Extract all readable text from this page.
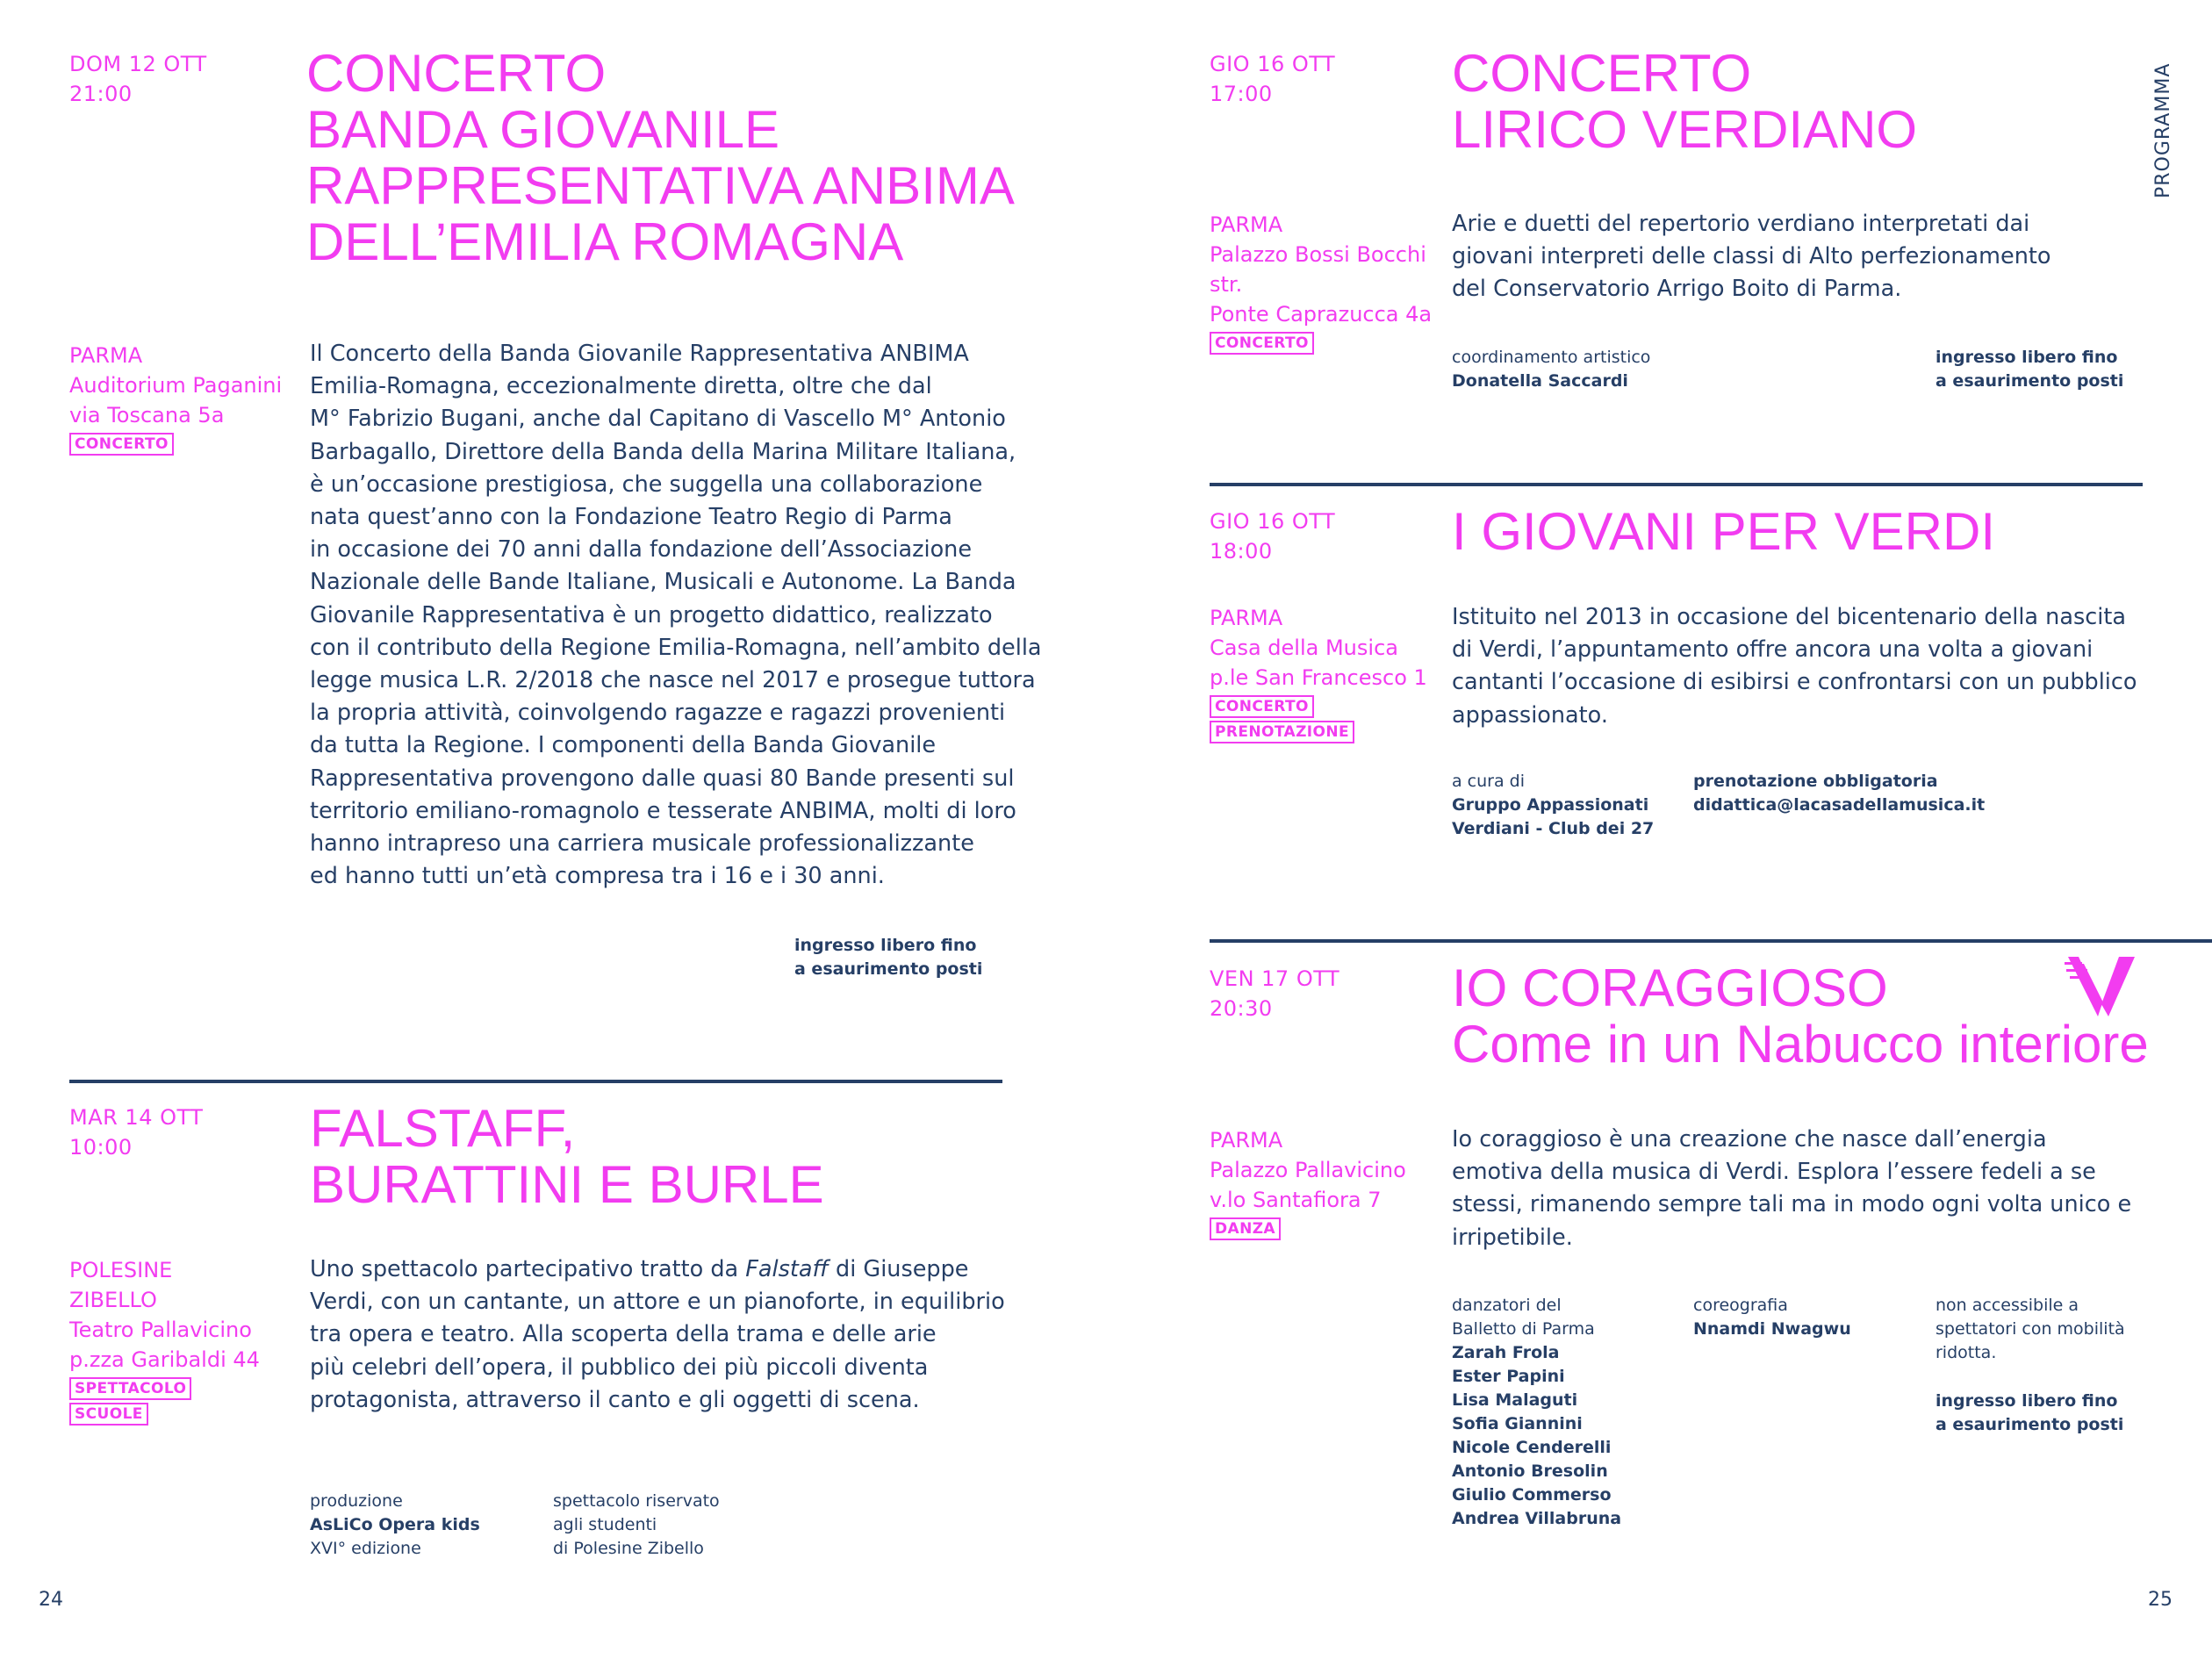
DOM 12 OTT
21:00	CONCERTO
BANDA GIOVANILE
RAPPRESENTATIVA ANBIMA
DELL’EMILIA ROMAGNA
PARMA
Auditorium Paganini
via Toscana 5a
CONCERTO
Il Concerto della Banda Giovanile Rappresentativa ANBIMA
Emilia-Romagna, eccezionalmente diretta, oltre che dal
M° Fabrizio Bugani, anche dal Capitano di Vascello M° Antonio
Barbagallo, Direttore della Banda della Marina Militare Italiana,
è un’occasione prestigiosa, che suggella una collaborazione
nata quest’anno con la Fondazione Teatro Regio di Parma
in occasione dei 70 anni dalla fondazione dell’Associazione
Nazionale delle Bande Italiane, Musicali e Autonome. La Banda
Giovanile Rappresentativa è un progetto didattico, realizzato
con il contributo della Regione Emilia-Romagna, nell’ambito della
legge musica L.R. 2/2018 che nasce nel 2017 e prosegue tuttora
la propria attività, coinvolgendo ragazze e ragazzi provenienti
da tutta la Regione. I componenti della Banda Giovanile
Rappresentativa provengono dalle quasi 80 Bande presenti sul
territorio emiliano-romagnolo e tesserate ANBIMA, molti di loro
hanno intrapreso una carriera musicale professionalizzante
ed hanno tutti un’età compresa tra i 16 e i 30 anni.
ingresso libero fino
a esaurimento posti
MAR 14 OTT
10:00	FALSTAFF,
BURATTINI E BURLE
POLESINE
ZIBELLO
Teatro Pallavicino
p.zza Garibaldi 44
SPETTACOLO
SCUOLE
Uno spettacolo partecipativo tratto da Falstaff di Giuseppe
Verdi, con un cantante, un attore e un pianoforte, in equilibrio
tra opera e teatro. Alla scoperta della trama e delle arie
più celebri dell’opera, il pubblico dei più piccoli diventa
protagonista, attraverso il canto e gli oggetti di scena.
produzione
AsLiCo Opera kids
XVI° edizione
spettacolo riservato
agli studenti
di Polesine Zibello
24
GIO 16 OTT
17:00	CONCERTO
LIRICO VERDIANO
PARMA
Palazzo Bossi Bocchi
str.
Ponte Caprazucca 4a
CONCERTO
Arie e duetti del repertorio verdiano interpretati dai
giovani interpreti delle classi di Alto perfezionamento
del Conservatorio Arrigo Boito di Parma.
coordinamento artistico
Donatella Saccardi
ingresso libero fino
a esaurimento posti
GIO 16 OTT
18:00	I GIOVANI PER VERDI
PARMA
Casa della Musica
p.le San Francesco 1
CONCERTO
PRENOTAZIONE
Istituito nel 2013 in occasione del bicentenario della nascita
di Verdi, l’appuntamento offre ancora una volta a giovani
cantanti l’occasione di esibirsi e confrontarsi con un pubblico
appassionato.
a cura di
Gruppo Appassionati
Verdiani - Club dei 27
prenotazione obbligatoria
didattica@lacasadellamusica.it
VEN 17 OTT
20:30	IO CORAGGIOSO
Come in un Nabucco interiore
PARMA
Palazzo Pallavicino
v.lo Santafiora 7
DANZA
Io coraggioso è una creazione che nasce dall’energia
emotiva della musica di Verdi. Esplora l’essere fedeli a se
stessi, rimanendo sempre tali ma in modo ogni volta unico e
irripetibile.
danzatori del
Balletto di Parma
Zarah Frola
Ester Papini
Lisa Malaguti
Sofia Giannini
Nicole Cenderelli
Antonio Bresolin
Giulio Commerso
Andrea Villabruna
coreografia
Nnamdi Nwagwu
non accessibile a
spettatori con mobilità
ridotta.
ingresso libero fino
a esaurimento posti
25
PROGRAMMA
